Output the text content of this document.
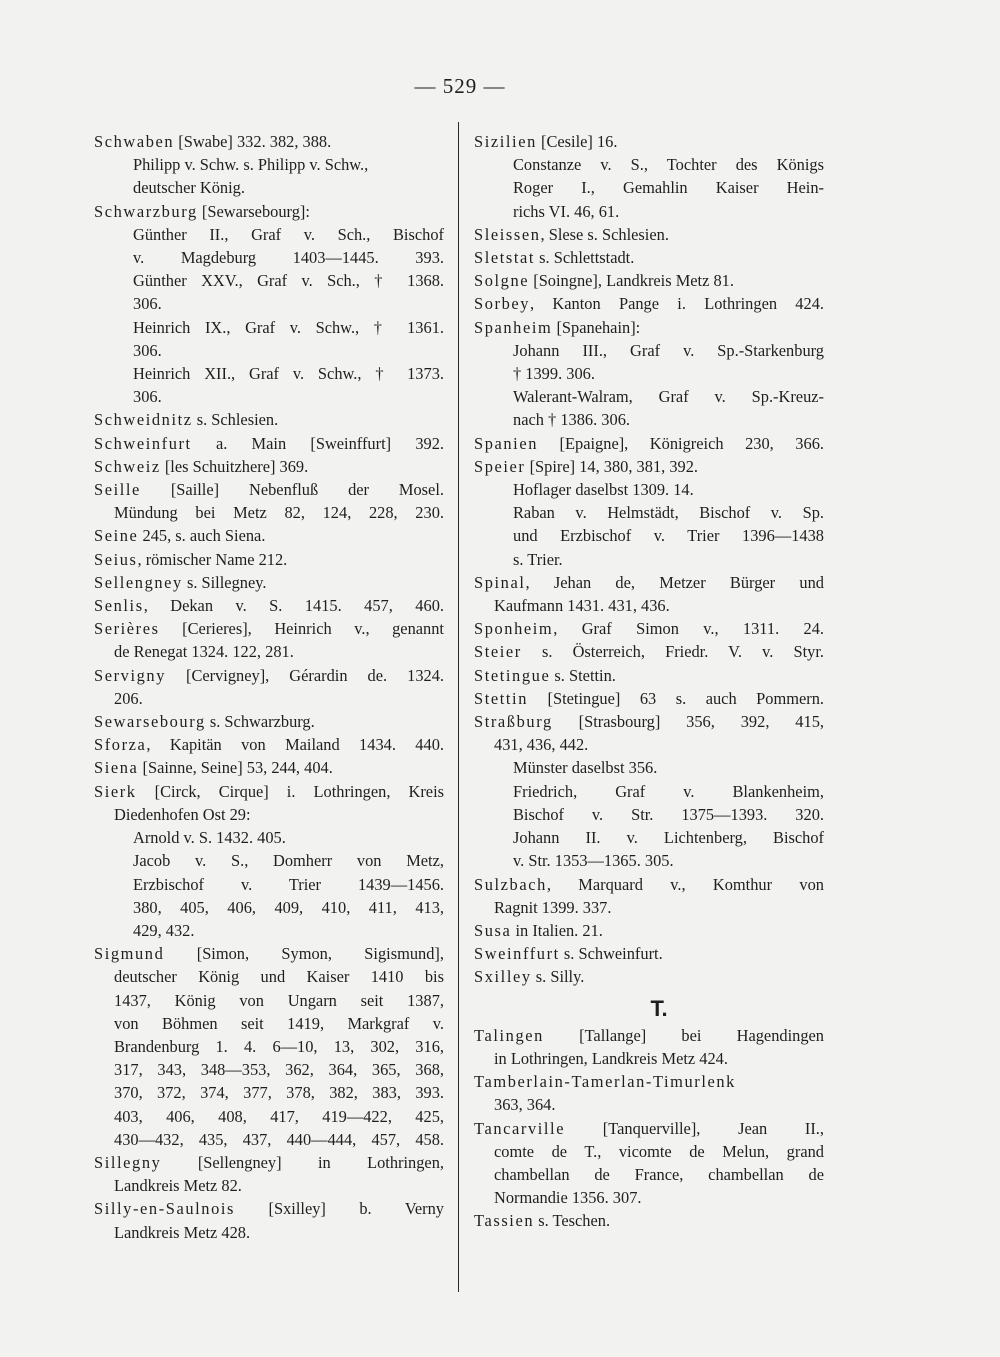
— 529 —
Schwaben [Swabe] 332. 382, 388.
Philipp v. Schw. s. Philipp v. Schw.,
deutscher König.
Schwarzburg [Sewarsebourg]:
Günther II., Graf v. Sch., Bischof
v. Magdeburg 1403—1445. 393.
Günther XXV., Graf v. Sch., † 1368.
306.
Heinrich IX., Graf v. Schw., † 1361.
306.
Heinrich XII., Graf v. Schw., † 1373.
306.
Schweidnitz s. Schlesien.
Schweinfurt a. Main [Sweinffurt] 392.
Schweiz [les Schuitzhere] 369.
Seille [Saille] Nebenfluß der Mosel.
Mündung bei Metz 82, 124, 228, 230.
Seine 245, s. auch Siena.
Seius, römischer Name 212.
Sellengney s. Sillegney.
Senlis, Dekan v. S. 1415. 457, 460.
Serières [Cerieres], Heinrich v., genannt
de Renegat 1324. 122, 281.
Servigny [Cervigney], Gérardin de. 1324.
206.
Sewarsebourg s. Schwarzburg.
Sforza, Kapitän von Mailand 1434. 440.
Siena [Sainne, Seine] 53, 244, 404.
Sierk [Circk, Cirque] i. Lothringen, Kreis
Diedenhofen Ost 29:
Arnold v. S. 1432. 405.
Jacob v. S., Domherr von Metz,
Erzbischof v. Trier 1439—1456.
380, 405, 406, 409, 410, 411, 413,
429, 432.
Sigmund [Simon, Symon, Sigismund],
deutscher König und Kaiser 1410 bis
1437, König von Ungarn seit 1387,
von Böhmen seit 1419, Markgraf v.
Brandenburg 1. 4. 6—10, 13, 302, 316,
317, 343, 348—353, 362, 364, 365, 368,
370, 372, 374, 377, 378, 382, 383, 393.
403, 406, 408, 417, 419—422, 425,
430—432, 435, 437, 440—444, 457, 458.
Sillegny [Sellengney] in Lothringen,
Landkreis Metz 82.
Silly-en-Saulnois [Sxilley] b. Verny
Landkreis Metz 428.
Sizilien [Cesile] 16.
Constanze v. S., Tochter des Königs
Roger I., Gemahlin Kaiser Hein-
richs VI. 46, 61.
Sleissen, Slese s. Schlesien.
Sletstat s. Schlettstadt.
Solgne [Soingne], Landkreis Metz 81.
Sorbey, Kanton Pange i. Lothringen 424.
Spanheim [Spanehain]:
Johann III., Graf v. Sp.-Starkenburg
† 1399. 306.
Walerant-Walram, Graf v. Sp.-Kreuz-
nach † 1386. 306.
Spanien [Epaigne], Königreich 230, 366.
Speier [Spire] 14, 380, 381, 392.
Hoflager daselbst 1309. 14.
Raban v. Helmstädt, Bischof v. Sp.
und Erzbischof v. Trier 1396—1438
s. Trier.
Spinal, Jehan de, Metzer Bürger und
Kaufmann 1431. 431, 436.
Sponheim, Graf Simon v., 1311. 24.
Steier s. Österreich, Friedr. V. v. Styr.
Stetingue s. Stettin.
Stettin [Stetingue] 63 s. auch Pommern.
Straßburg [Strasbourg] 356, 392, 415,
431, 436, 442.
Münster daselbst 356.
Friedrich, Graf v. Blankenheim,
Bischof v. Str. 1375—1393. 320.
Johann II. v. Lichtenberg, Bischof
v. Str. 1353—1365. 305.
Sulzbach, Marquard v., Komthur von
Ragnit 1399. 337.
Susa in Italien. 21.
Sweinffurt s. Schweinfurt.
Sxilley s. Silly.
T.
Talingen [Tallange] bei Hagendingen
in Lothringen, Landkreis Metz 424.
Tamberlain-Tamerlan-Timurlenk
363, 364.
Tancarville [Tanquerville], Jean II.,
comte de T., vicomte de Melun, grand
chambellan de France, chambellan de
Normandie 1356. 307.
Tassien s. Teschen.
